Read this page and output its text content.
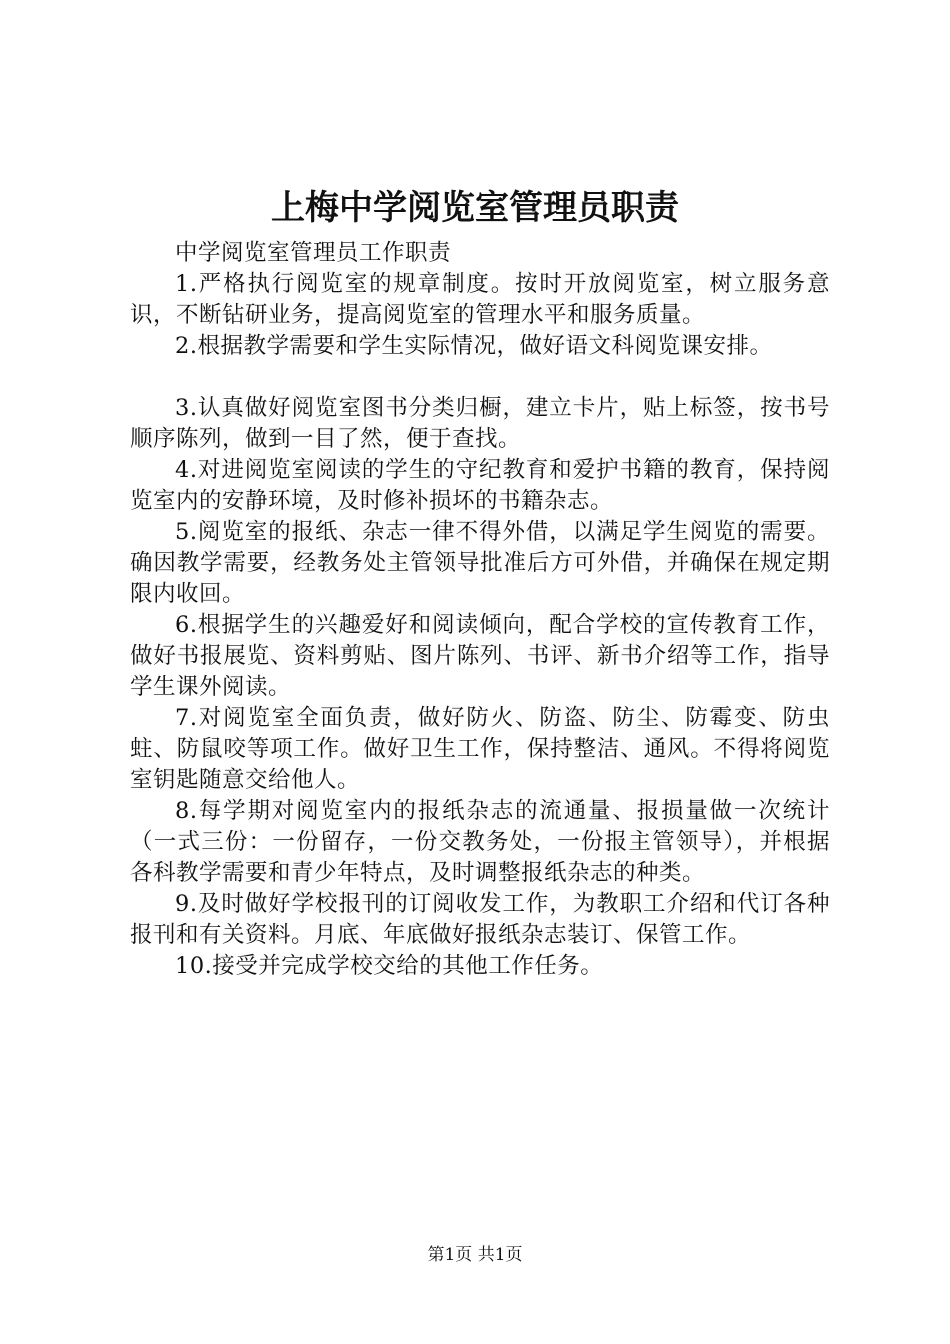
上梅中学阅览室管理员职责

中学阅览室管理员工作职责

1.严格执行阅览室的规章制度。按时开放阅览室，树立服务意识，不断钻研业务，提高阅览室的管理水平和服务质量。

2.根据教学需要和学生实际情况，做好语文科阅览课安排。

3.认真做好阅览室图书分类归橱，建立卡片，贴上标签，按书号顺序陈列，做到一目了然，便于查找。

4.对进阅览室阅读的学生的守纪教育和爱护书籍的教育，保持阅览室内的安静环境，及时修补损坏的书籍杂志。

5.阅览室的报纸、杂志一律不得外借，以满足学生阅览的需要。确因教学需要，经教务处主管领导批准后方可外借，并确保在规定期限内收回。

6.根据学生的兴趣爱好和阅读倾向，配合学校的宣传教育工作，做好书报展览、资料剪贴、图片陈列、书评、新书介绍等工作，指导学生课外阅读。

7.对阅览室全面负责，做好防火、防盗、防尘、防霉变、防虫蛀、防鼠咬等项工作。做好卫生工作，保持整洁、通风。不得将阅览室钥匙随意交给他人。

8.每学期对阅览室内的报纸杂志的流通量、报损量做一次统计（一式三份：一份留存，一份交教务处，一份报主管领导），并根据各科教学需要和青少年特点，及时调整报纸杂志的种类。

9.及时做好学校报刊的订阅收发工作，为教职工介绍和代订各种报刊和有关资料。月底、年底做好报纸杂志装订、保管工作。

10.接受并完成学校交给的其他工作任务。

第1页 共1页
